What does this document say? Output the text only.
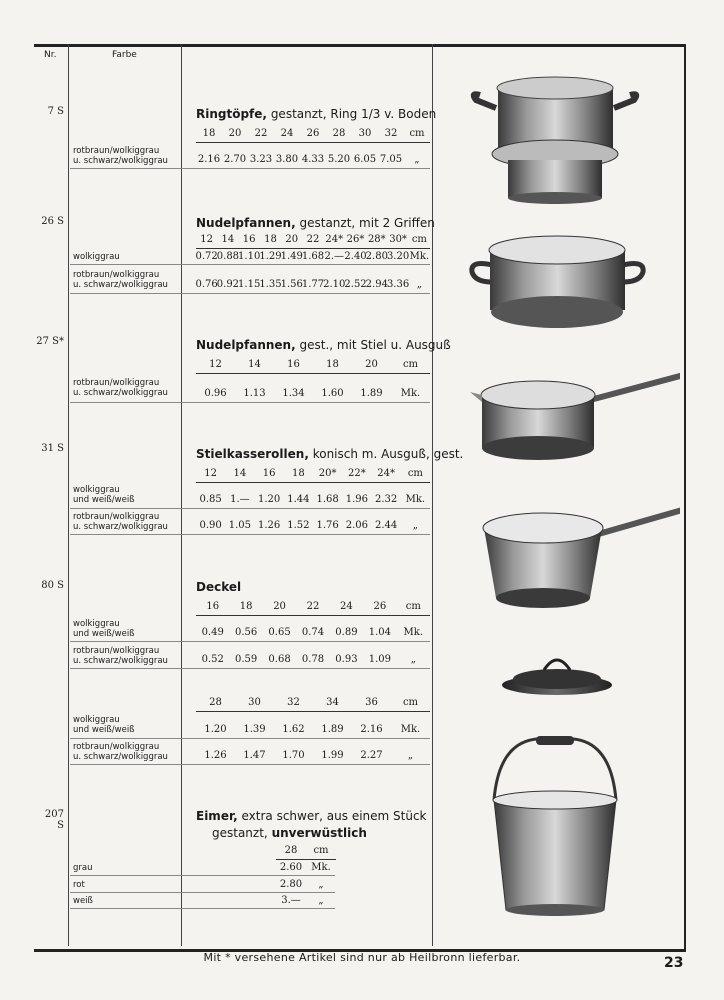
Nr.	Farbe
7 S	Ringtöpfe, gestanzt, Ring 1/3 v. Boden
18 20 22 24 26 28 30 32 cm
rotbraun/wolkiggrau
u. schwarz/wolkiggrau	2.16 2.70 3.23 3.80 4.33 5.20 6.05 7.05 „
26 S	Nudelpfannen, gestanzt, mit 2 Griffen
12 14 16 18 20 22 24* 26* 28* 30* cm
wolkiggrau	0.72 0.88 1.10 1.29 1.49 1.68 2.— 2.40 2.80 3.20 Mk.
rotbraun/wolkiggrau
u. schwarz/wolkiggrau	0.76 0.92 1.15 1.35 1.56 1.77 2.10 2.52 2.94 3.36 „
27 S*	Nudelpfannen, gest., mit Stiel u. Ausguß
12	14	16	18	20	cm
rotbraun/wolkiggrau
u. schwarz/wolkiggrau	0.96 1.13 1.34 1.60 1.89 Mk.
31 S	Stielkasserollen, konisch m. Ausguß, gest.
12 14 16 18 20* 22* 24* cm
wolkiggrau
und weiß/weiß	0.85 1.— 1.20 1.44 1.68 1.96 2.32 Mk.
rotbraun/wolkiggrau
u. schwarz/wolkiggrau	0.90 1.05 1.26 1.52 1.76 2.06 2.44 „
80 S	Deckel
16 18 20 22 24 26 cm
wolkiggrau
und weiß/weiß	0.49 0.56 0.65 0.74 0.89 1.04 Mk.
rotbraun/wolkiggrau
u. schwarz/wolkiggrau	0.52 0.59 0.68 0.78 0.93 1.09 „
28	30	32	34	36	cm
wolkiggrau
und weiß/weiß	1.20 1.39 1.62 1.89 2.16 Mk.
rotbraun/wolkiggrau
u. schwarz/wolkiggrau	1.26 1.47 1.70 1.99 2.27	„
207 S
Eimer, extra schwer, aus einem Stück
gestanzt, unverwüstlich
28 cm
grau	2.60 Mk.
rot	2.80 „
weiß	3.— „
Mit * versehene Artikel sind nur ab Heilbronn lieferbar.	23
